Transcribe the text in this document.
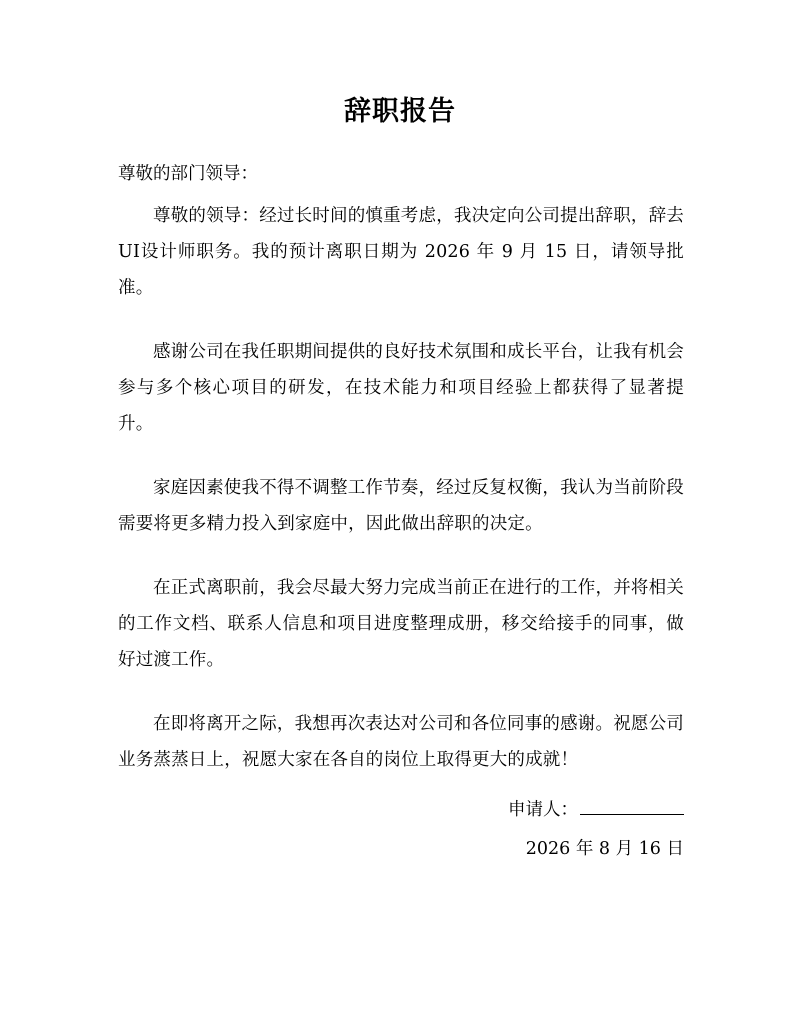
辞职报告
尊敬的部门领导：

尊敬的领导：经过长时间的慎重考虑，我决定向公司提出辞职，辞去UI设计师职务。我的预计离职日期为 2026 年 9 月 15 日，请领导批准。

感谢公司在我任职期间提供的良好技术氛围和成长平台，让我有机会参与多个核心项目的研发，在技术能力和项目经验上都获得了显著提升。

家庭因素使我不得不调整工作节奏，经过反复权衡，我认为当前阶段需要将更多精力投入到家庭中，因此做出辞职的决定。

在正式离职前，我会尽最大努力完成当前正在进行的工作，并将相关的工作文档、联系人信息和项目进度整理成册，移交给接手的同事，做好过渡工作。

在即将离开之际，我想再次表达对公司和各位同事的感谢。祝愿公司业务蒸蒸日上，祝愿大家在各自的岗位上取得更大的成就！

申请人：
2026 年 8 月 16 日
